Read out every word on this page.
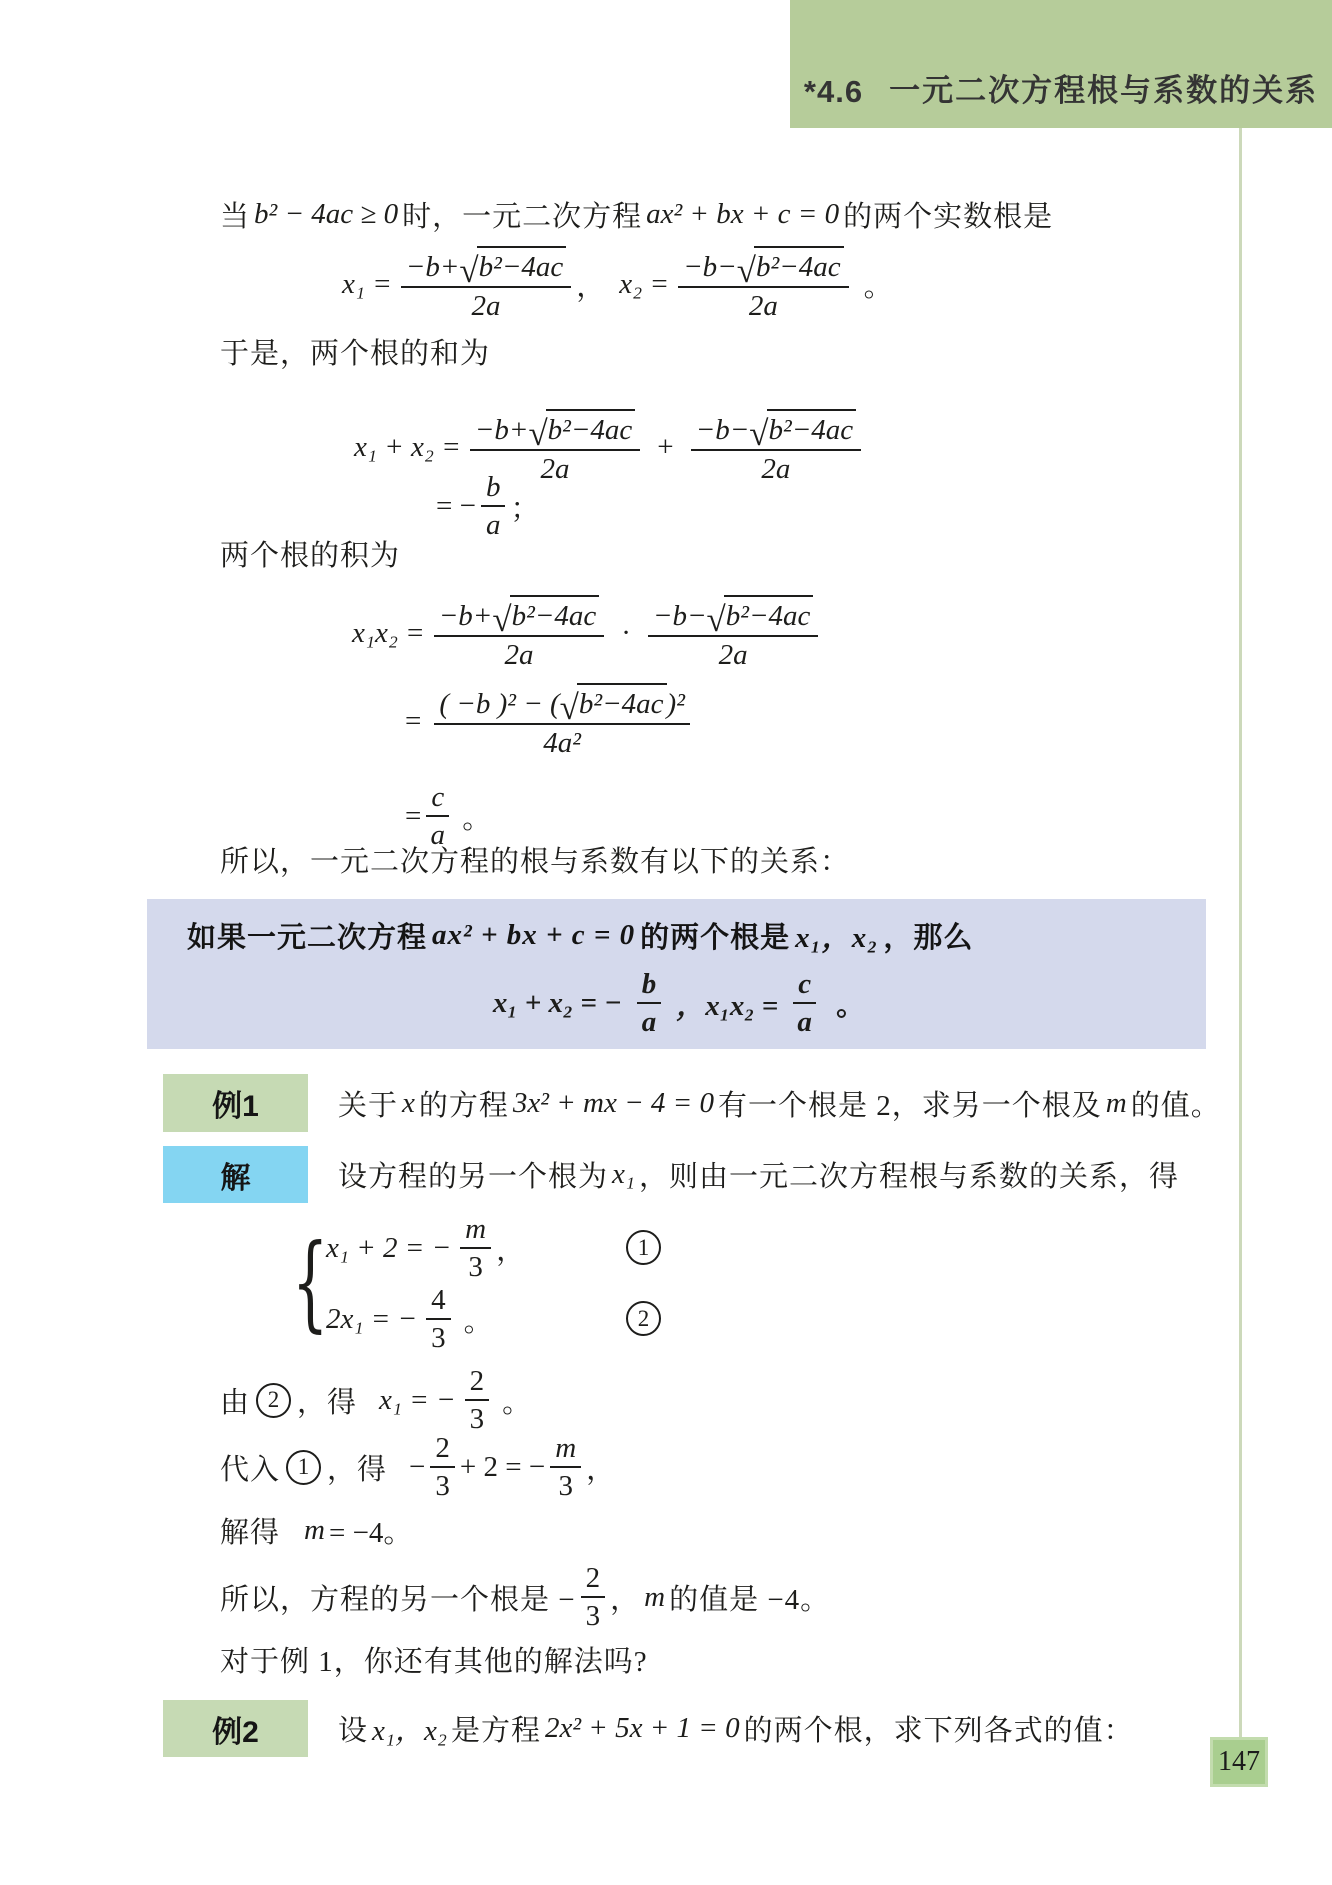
*4.6 一元二次方程根与系数的关系
当 b² − 4ac ≥ 0 时，一元二次方程 ax² + bx + c = 0 的两个实数根是
$x_1 = \frac{\text{−b+ √ b²−4ac}}{2a}$ ， $x_2 = \frac{\text{−b− √ b²−4ac}}{2a}$ 。
于是，两个根的和为
$x_1 + x_2 = \frac{\text{−b+ √ b²−4ac}}{2a} + \frac{\text{−b− √ b²−4ac}}{2a}$
= − $\frac{b}{a}$ ；
两个根的积为
$x_1x_2 = \frac{\text{−b+ √ b²−4ac}}{2a} \cdot \frac{\text{−b− √ b²−4ac}}{2a}$
= $\frac{\text{( −b )² − ( √ b²−4ac )²}}{\text{4a²}}$
= $\frac{c}{a}$ 。
所以，一元二次方程的根与系数有以下的关系：
如果一元二次方程 ax² + bx + c = 0 的两个根是 x₁，x₂ ，那么
x₁ + x₂ = − $\frac{b}{a}$ ，$x_1x_2 = \frac{c}{a}$ 。
例1	关于 x 的方程 3x² + mx − 4 = 0 有一个根是 2，求另一个根及 m 的值。
解	设方程的另一个根为 x₁ ，则由一元二次方程根与系数的关系，得
{
x₁ + 2 = − $\frac{m}{3}$ ，	1
2x₁ = − $\frac{4}{3}$ 。	2
由 2 ，得 x₁ = − $\frac{2}{3}$ 。
代入 1 ，得 − $\frac{2}{3} + 2$ = − $\frac{m}{3}$ ，
解得 m = −4。
所以，方程的另一个根是 − $\frac{2}{3}$ ， m 的值是 −4。
对于例 1，你还有其他的解法吗?
例2	设 x₁，x₂ 是方程 2x² + 5x + 1 = 0 的两个根，求下列各式的值：
147
